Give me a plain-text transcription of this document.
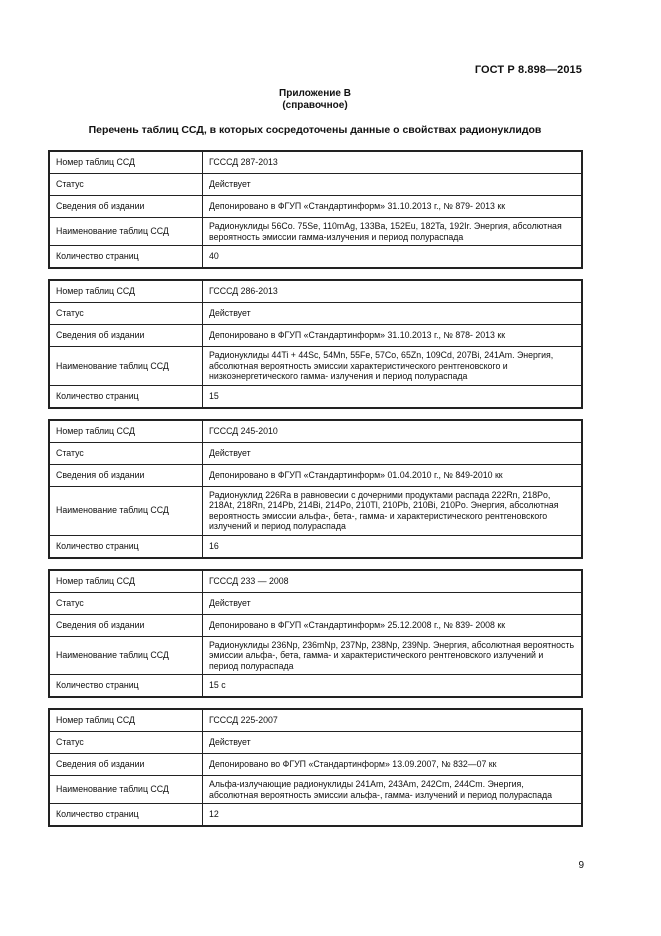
ГОСТ Р 8.898—2015
Приложение В
(справочное)
Перечень таблиц ССД, в которых сосредоточены данные о свойствах радионуклидов
Номер таблиц ССД	ГСССД 287-2013
Статус	Действует
Сведения об издании	Депонировано в ФГУП «Стандартинформ» 31.10.2013 г., № 879- 2013 кк
Наименование таблиц ССД	Радионуклиды 56Co. 75Se, 110mAg, 133Ba, 152Eu, 182Ta, 192Ir. Энергия, абсолютная вероятность эмиссии гамма-излучения и период полураспада
Количество страниц	40
Номер таблиц ССД	ГСССД 286-2013
Статус	Действует
Сведения об издании	Депонировано в ФГУП «Стандартинформ» 31.10.2013 г., № 878- 2013 кк
Наименование таблиц ССД	Радионуклиды 44Ti + 44Sc, 54Mn, 55Fe, 57Co, 65Zn, 109Cd, 207Bi, 241Am. Энергия, абсолютная вероятность эмиссии характеристического рентгеновского и низкоэнергетического гамма- излучения и период полураспада
Количество страниц	15
Номер таблиц ССД	ГСССД 245-2010
Статус	Действует
Сведения об издании	Депонировано в ФГУП «Стандартинформ» 01.04.2010 г., № 849-2010 кк
Наименование таблиц ССД	Радионуклид 226Ra в равновесии с дочерними продуктами распада 222Rn, 218Po, 218At, 218Rn, 214Pb, 214Bi, 214Po, 210Tl, 210Pb, 210Bi, 210Po. Энергия, абсолютная вероятность эмиссии альфа-, бета-, гамма- и характеристического рентгеновского излучений и период полураспада
Количество страниц	16
Номер таблиц ССД	ГСССД 233 — 2008
Статус	Действует
Сведения об издании	Депонировано в ФГУП «Стандартинформ» 25.12.2008 г., № 839- 2008 кк
Наименование таблиц ССД	Радионуклиды 236Np, 236mNp, 237Np, 238Np, 239Np. Энергия, абсолютная вероятность эмиссии альфа-, бета, гамма- и характеристического рентгеновского излучений и период полураспада
Количество страниц	15 с
Номер таблиц ССД	ГСССД 225-2007
Статус	Действует
Сведения об издании	Депонировано во ФГУП «Стандартинформ» 13.09.2007, № 832—07 кк
Наименование таблиц ССД	Альфа-излучающие радионуклиды 241Am, 243Am, 242Cm, 244Cm. Энергия, абсолютная вероятность эмиссии альфа-, гамма- излучений и период полураспада
Количество страниц	12
9
